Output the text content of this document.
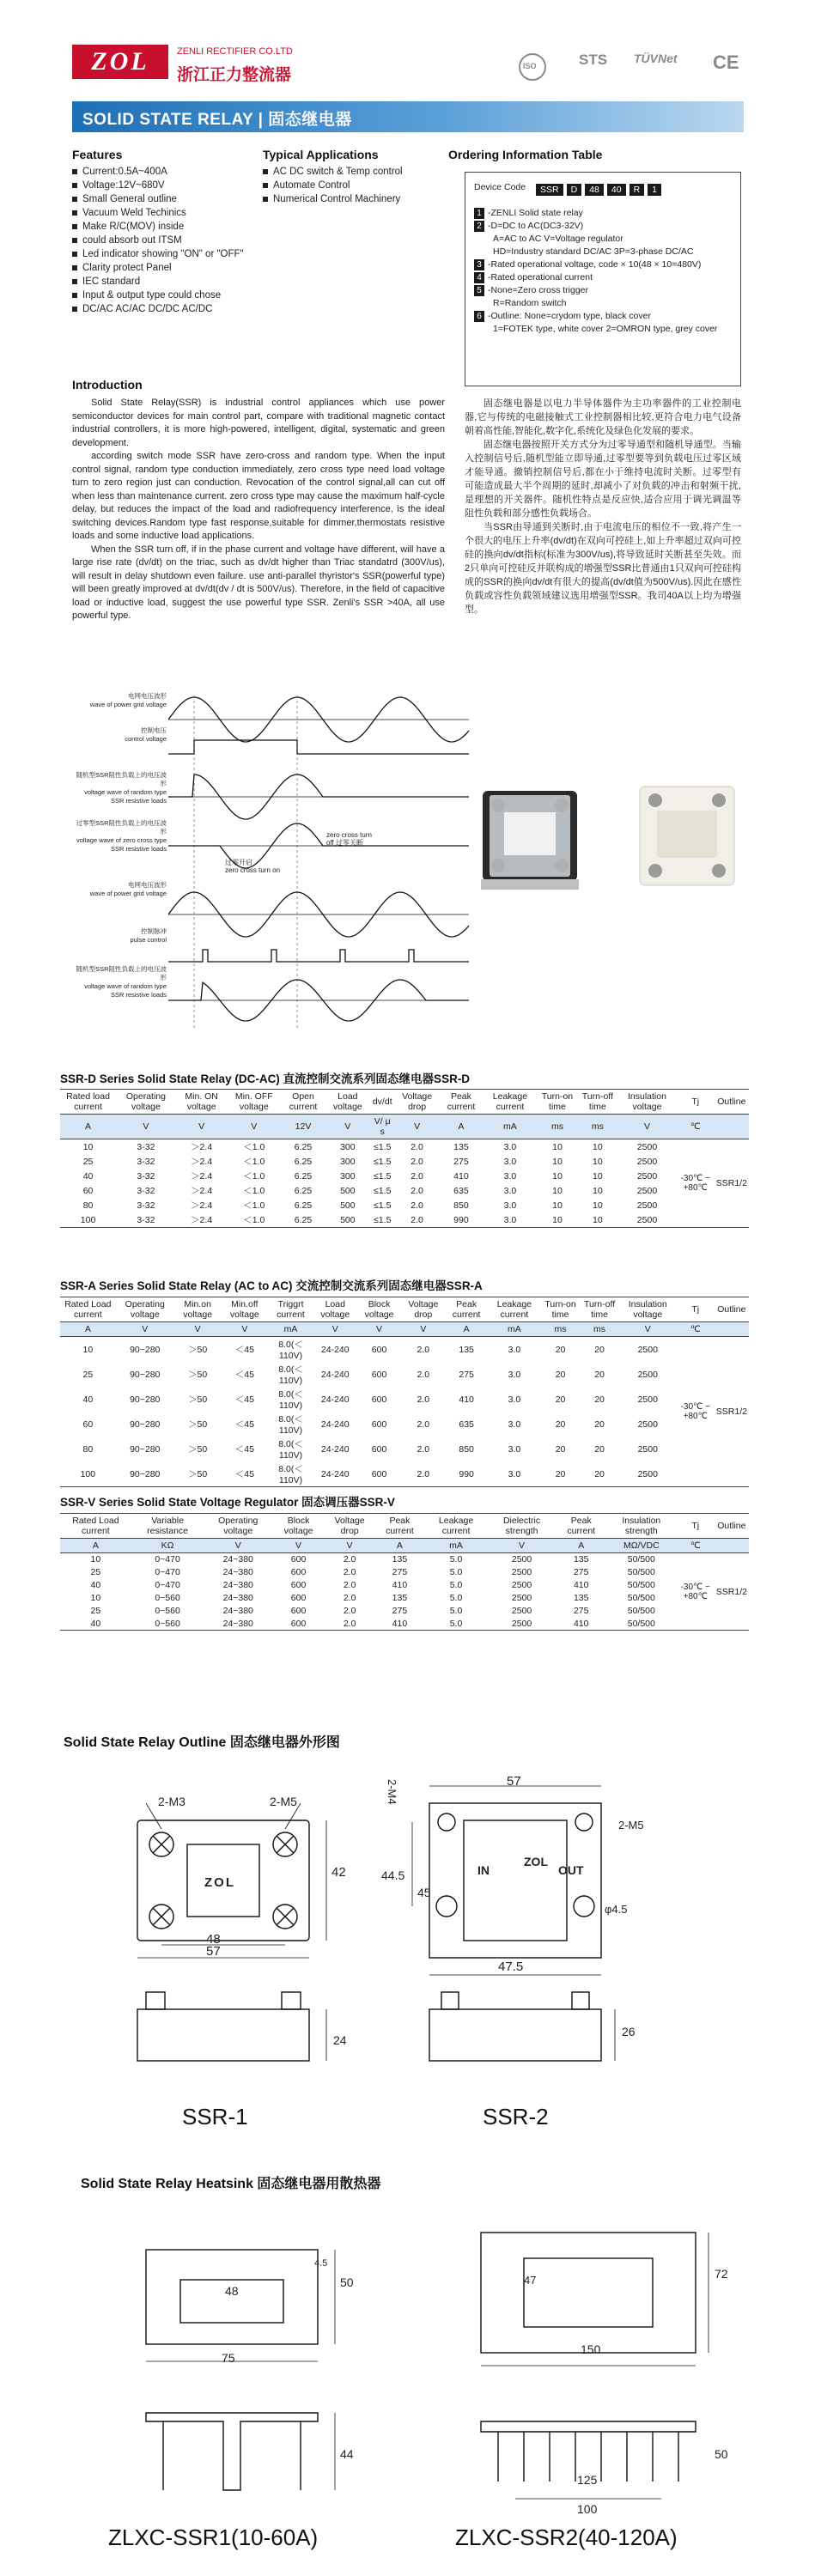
ZOL	ZENLI RECTIFIER CO.LTD
浙江正力整流器	ISO	STS TÜVNet CE
SOLID STATE RELAY | 固态继电器
Features
Current:0.5A~400A
Voltage:12V~680V
Small General outline
Vacuum Weld Techinics
Make R/C(MOV) inside
could absorb out ITSM
Led indicator showing "ON" or "OFF"
Clarity protect Panel
IEC standard
Input & output type could chose
DC/AC AC/AC DC/DC AC/DC
Typical Applications
AC DC switch & Temp control
Automate Control
Numerical Control Machinery
Ordering Information Table
Device Code	SSR D 48 40 R 1
1 -ZENLI Solid state relay
2 -D=DC to AC(DC3-32V)
A=AC to AC V=Voltage regulator
HD=Industry standard DC/AC 3P=3-phase DC/AC
3 -Rated operational voltage, code × 10(48 × 10=480V)
4 -Rated operational current
5 -None=Zero cross trigger
R=Random switch
6 -Outline: None=crydom type, black cover
1=FOTEK type, white cover 2=OMRON type, grey cover
Introduction

Solid State Relay(SSR) is industrial control appliances which use power semiconductor devices for main control part, compare with traditional magnetic contact industrial controllers, it is more high-powered, intelligent, digital, systematic and green development.

according switch mode SSR have zero-cross and random type. When the input control signal, random type conduction immediately, zero cross type need load voltage turn to zero region just can conduction. Revocation of the control signal,all can cut off when less than maintenance current. zero cross type may cause the maximum half-cycle delay, but reduces the impact of the load and radiofrequency interference, is the ideal switching devices.Random type fast response,suitable for dimmer,thermostats resistive loads and some inductive load applications.

When the SSR turn off, if in the phase current and voltage have different, will have a large rise rate (dv/dt) on the triac, such as dv/dt higher than Triac standatrd (300V/us), will result in delay shutdown even failure. use anti-parallel thyristor's SSR(powerful type) will been greatly improved at dv/dt(dv / dt is 500V/us). Therefore, in the field of capacitive load or inductive load, suggest the use powerful type SSR. Zenli's SSR >40A, all use powerful type.

固态继电器是以电力半导体器件为主功率器件的工业控制电器,它与传统的电磁接触式工业控制器相比较,更符合电力电气设备朝着高性能,智能化,数字化,系统化及绿色化发展的要求。

固态继电器按照开关方式分为过零导通型和随机导通型。当输入控制信号后,随机型能立即导通,过零型要等到负载电压过零区域才能导通。撤销控制信号后,都在小于维持电流时关断。过零型有可能造成最大半个周期的延时,却减小了对负载的冲击和射频干扰,是理想的开关器件。随机性特点是反应快,适合应用于调光调温等阻性负载和部分感性负载场合。

当SSR由导通到关断时,由于电流电压的相位不一致,将产生一个很大的电压上升率(dv/dt)在双向可控硅上,如上升率超过双向可控硅的换向dv/dt指标(标准为300V/us),将导致延时关断甚至失效。而2只单向可控硅反并联构成的增强型SSR比普通由1只双向可控硅构成的SSR的换向dv/dt有很大的提高(dv/dt值为500V/us).因此在感性负载或容性负载领域建议选用增强型SSR。我司40A以上均为增强型。

电网电压波形
wave of power grid voltage
控制电压
control voltage
随机型SSR阻性负载上的电压波形
voltage wave of random type SSR resistive loads
过零型SSR阻性负载上的电压波形
voltage wave of zero cross type SSR resistive loads
电网电压波形
wave of power grid voltage
控制脉冲
pulse control
随机型SSR阻性负载上的电压波形
voltage wave of random type SSR resistive loads
过零开启
zero cross turn on
zero cross turn off 过零关断
SSR-D Series Solid State Relay (DC-AC) 直流控制交流系列固态继电器SSR-D
Rated load current	Operating voltage	Min. ON voltage	Min. OFF voltage	Open current	Load voltage	dv/dt	Voltage drop	Peak current	Leakage current	Turn-on time	Turn-off time	Insulation voltage	Tj	Outline
A	V	V	V	12V	V	V/ μ s	V	A	mA	ms	ms	V	℃	
10	3-32	＞2.4	＜1.0	6.25	300	≤1.5	2.0	135	3.0	10	10	2500	-30℃ ~ +80℃	SSR1/2
25	3-32	＞2.4	＜1.0	6.25	300	≤1.5	2.0	275	3.0	10	10	2500		
40	3-32	＞2.4	＜1.0	6.25	300	≤1.5	2.0	410	3.0	10	10	2500		
60	3-32	＞2.4	＜1.0	6.25	500	≤1.5	2.0	635	3.0	10	10	2500		
80	3-32	＞2.4	＜1.0	6.25	500	≤1.5	2.0	850	3.0	10	10	2500		
100	3-32	＞2.4	＜1.0	6.25	500	≤1.5	2.0	990	3.0	10	10	2500		
SSR-A Series Solid State Relay (AC to AC) 交流控制交流系列固态继电器SSR-A
Rated Load current	Operating voltage	Min.on voltage	Min.off voltage	Triggrt current	Load voltage	Block voltage	Voltage drop	Peak current	Leakage current	Turn-on time	Turn-off time	Insulation voltage	Tj	Outline
A	V	V	V	mA	V	V	V	A	mA	ms	ms	V	℃	
10	90~280	＞50	＜45	8.0(＜110V)	24-240	600	2.0	135	3.0	20	20	2500	-30℃ ~ +80℃	SSR1/2
25	90~280	＞50	＜45	8.0(＜110V)	24-240	600	2.0	275	3.0	20	20	2500		
40	90~280	＞50	＜45	8.0(＜110V)	24-240	600	2.0	410	3.0	20	20	2500		
60	90~280	＞50	＜45	8.0(＜110V)	24-240	600	2.0	635	3.0	20	20	2500		
80	90~280	＞50	＜45	8.0(＜110V)	24-240	600	2.0	850	3.0	20	20	2500		
100	90~280	＞50	＜45	8.0(＜110V)	24-240	600	2.0	990	3.0	20	20	2500		
SSR-V Series Solid State Voltage Regulator 固态调压器SSR-V
Rated Load current	Variable resistance	Operating voltage	Block voltage	Voltage drop	Peak current	Leakage current	Dielectric strength	Peak current	Insulation strength	Tj	Outline
A	KΩ	V	V	V	A	mA	V	A	MΩ/VDC	℃	
10	0~470	24~380	600	2.0	135	5.0	2500	135	50/500	-30℃ ~ +80℃	SSR1/2
25	0~470	24~380	600	2.0	275	5.0	2500	275	50/500		
40	0~470	24~380	600	2.0	410	5.0	2500	410	50/500		
10	0~560	24~380	600	2.0	135	5.0	2500	135	50/500		
25	0~560	24~380	600	2.0	275	5.0	2500	275	50/500		
40	0~560	24~380	600	2.0	410	5.0	2500	410	50/500		
Solid State Relay Outline 固态继电器外形图
2-M3	2-M5
ZOL
48
57
42
24
SSR-1
2-M4
2-M5
57
47.5
44.5
45
φ4.5
IN
ZOL
OUT
26
SSR-2
Solid State Relay Heatsink 固态继电器用散热器
48
75
50
4.5
44
ZLXC-SSR1(10-60A)
150
72
47
50
125
100
ZLXC-SSR2(40-120A)
